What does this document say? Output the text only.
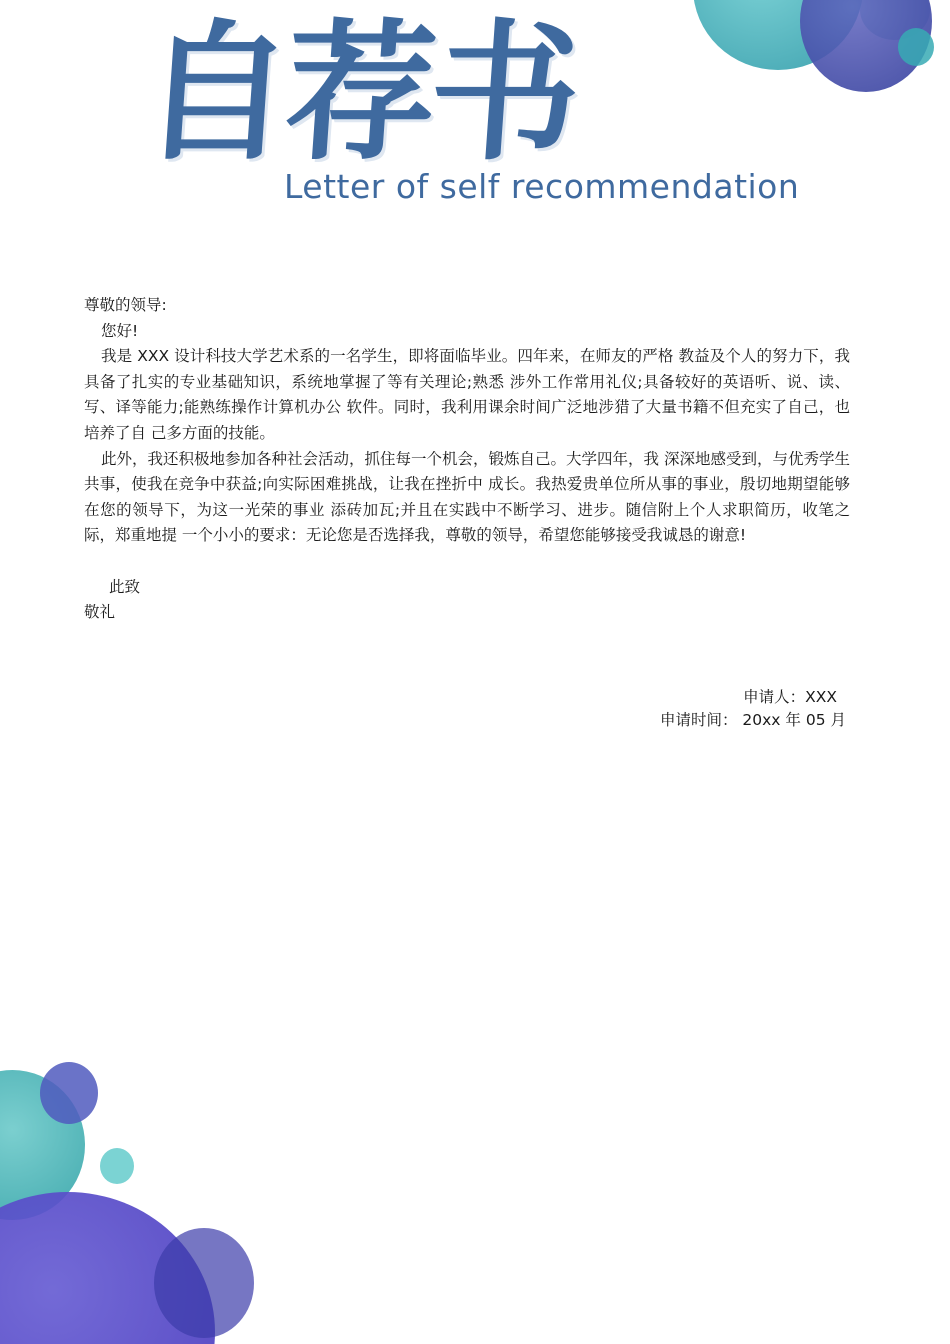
自荐书
Letter of self recommendation
尊敬的领导:
您好!
我是 XXX 设计科技大学艺术系的一名学生，即将面临毕业。四年来，在师友的严格 教益及个人的努力下，我具备了扎实的专业基础知识，系统地掌握了等有关理论;熟悉 涉外工作常用礼仪;具备较好的英语听、说、读、写、译等能力;能熟练操作计算机办公 软件。同时，我利用课余时间广泛地涉猎了大量书籍不但充实了自己，也培养了自 己多方面的技能。
此外，我还积极地参加各种社会活动，抓住每一个机会，锻炼自己。大学四年，我 深深地感受到，与优秀学生共事，使我在竞争中获益;向实际困难挑战，让我在挫折中 成长。我热爱贵单位所从事的事业，殷切地期望能够在您的领导下，为这一光荣的事业 添砖加瓦;并且在实践中不断学习、进步。随信附上个人求职简历，收笔之际，郑重地提 一个小小的要求：无论您是否选择我，尊敬的领导，希望您能够接受我诚恳的谢意!
此致
敬礼
申请人：XXX
申请时间： 20xx 年 05 月
